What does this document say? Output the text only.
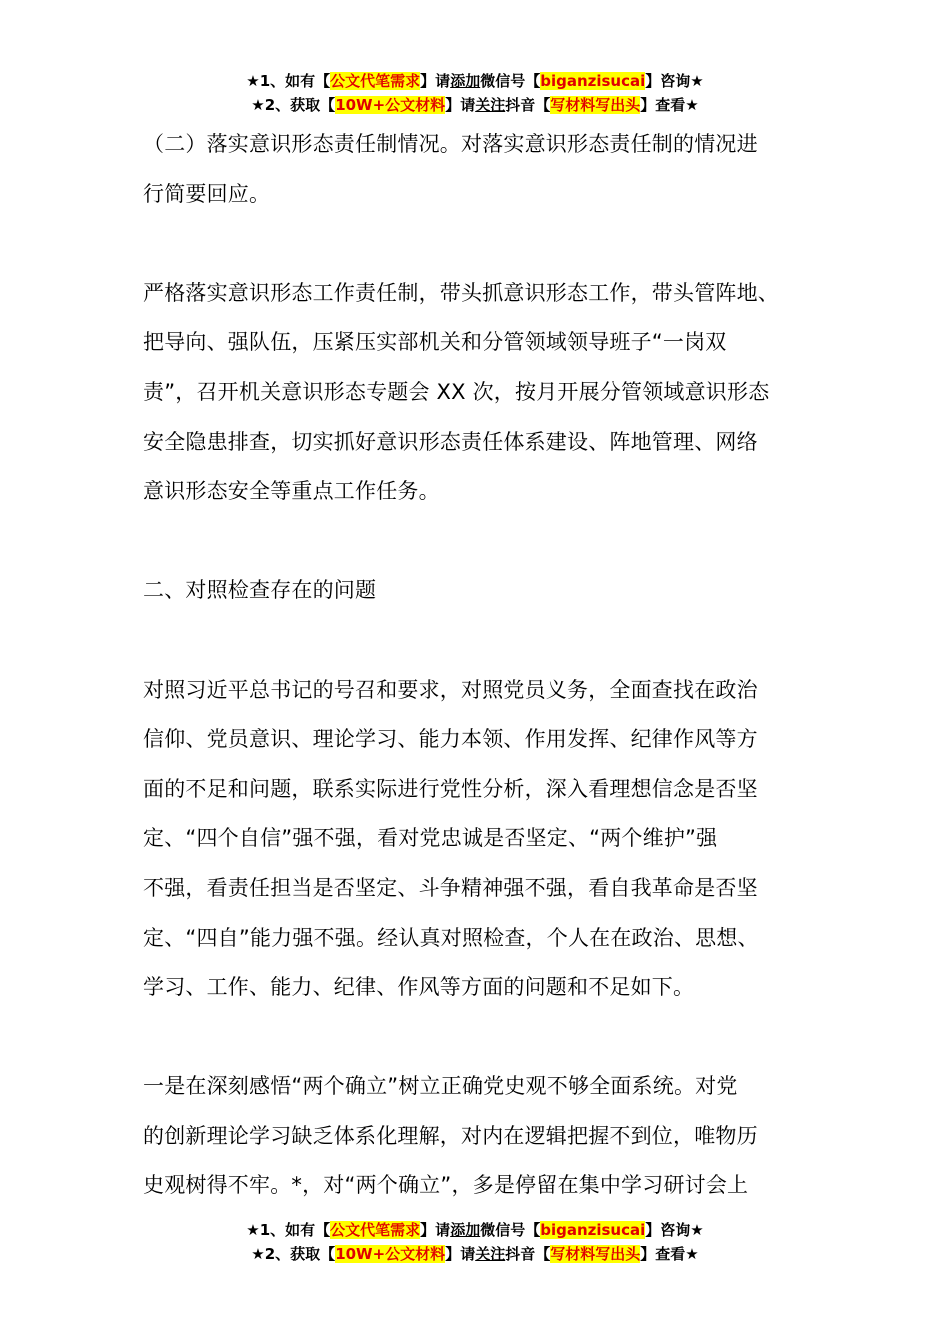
★1、如有【公文代笔需求】请添加微信号【biganzisucai】咨询★
★2、获取【10W+公文材料】请关注抖音【写材料写出头】查看★
（二）落实意识形态责任制情况。对落实意识形态责任制的情况进
行简要回应。
严格落实意识形态工作责任制，带头抓意识形态工作，带头管阵地、
把导向、强队伍，压紧压实部机关和分管领域领导班子“一岗双
责”，召开机关意识形态专题会 XX 次，按月开展分管领域意识形态
安全隐患排查，切实抓好意识形态责任体系建设、阵地管理、网络
意识形态安全等重点工作任务。
二、对照检查存在的问题
对照习近平总书记的号召和要求，对照党员义务，全面查找在政治
信仰、党员意识、理论学习、能力本领、作用发挥、纪律作风等方
面的不足和问题，联系实际进行党性分析，深入看理想信念是否坚
定、“四个自信”强不强，看对党忠诚是否坚定、“两个维护”强
不强，看责任担当是否坚定、斗争精神强不强，看自我革命是否坚
定、“四自”能力强不强。经认真对照检查，个人在在政治、思想、
学习、工作、能力、纪律、作风等方面的问题和不足如下。
一是在深刻感悟“两个确立”树立正确党史观不够全面系统。对党
的创新理论学习缺乏体系化理解，对内在逻辑把握不到位，唯物历
史观树得不牢。*，对“两个确立”，多是停留在集中学习研讨会上
★1、如有【公文代笔需求】请添加微信号【biganzisucai】咨询★
★2、获取【10W+公文材料】请关注抖音【写材料写出头】查看★
